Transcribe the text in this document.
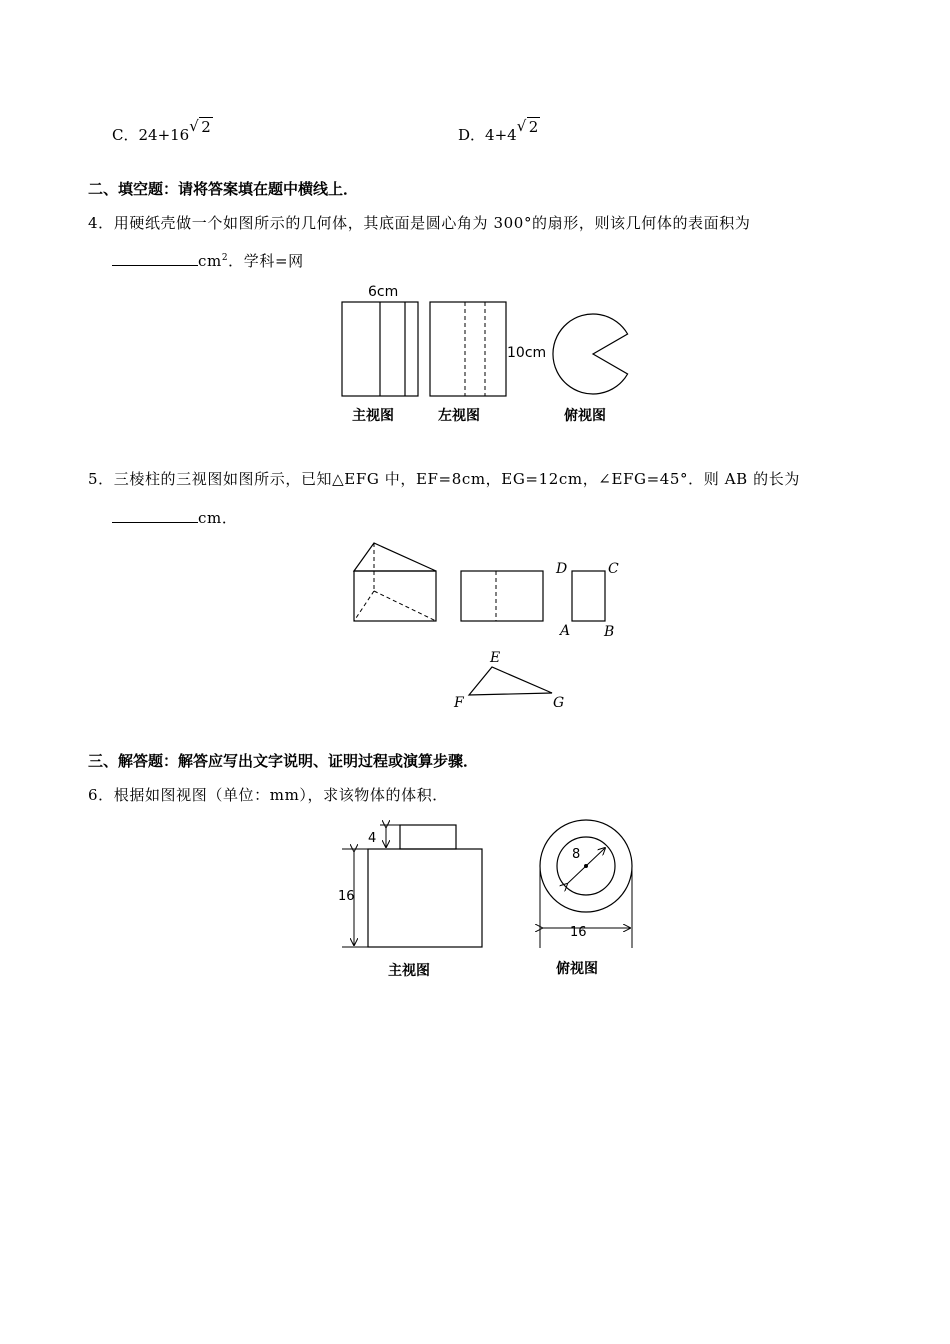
C．24+16 √ 2	D．4+4 √ 2
二、填空题：请将答案填在题中横线上．
4．用硬纸壳做一个如图所示的几何体，其底面是圆心角为 300°的扇形，则该几何体的表面积为
$cm^2$．学科=网
6cm
10cm
主视图	左视图	俯视图
5．三棱柱的三视图如图所示，已知△EFG 中，EF=8cm，EG=12cm，∠EFG=45°．则 AB 的长为
cm．
D	C
A B
E
F	G
三、解答题：解答应写出文字说明、证明过程或演算步骤．
6．根据如图视图（单位：mm），求该物体的体积．
4
16
主视图
8
16
俯视图
